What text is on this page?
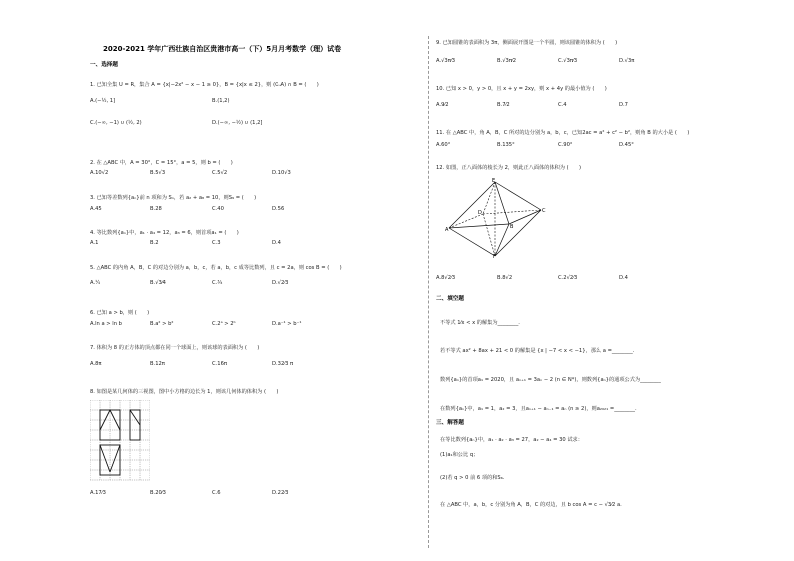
2020-2021 学年广西壮族自治区贵港市高一（下）5月月考数学（理）试卷
一、选择题
1. 已知全集 U = R，集合 A = {x|−2x² − x − 1 ≥ 0}，B = {x|x ≤ 2}，则 (∁ᵤA) ∩ B = (　　)
A.(−½, 1]	B.(1,2)
C.(−∞, −1) ∪ (½, 2)	D.(−∞, −½) ∪ (1,2]
2. 在 △ABC 中，A = 30°，C = 15°，a = 5，则 b = (　　)
A.10√2	B.5√3	C.5√2	D.10√3
3. 已知等差数列{aₙ}前 n 项和为 Sₙ，若 a₂ + a₈ = 10，则S₉ = (　　)
A.45	B.28	C.40	D.56
4. 等比数列{aₙ}中，a₁ · a₄ = 12，a₃ = 6，则首项a₁ = (　　)
A.1	B.2	C.3	D.4
5. △ABC 的内角 A，B，C 的对边分别为 a，b，c，若 a，b，c 成等比数列，且 c = 2a，则 cos B = (　　)
A.¼	B.√3⁄4	C.¾	D.√2⁄3
6. 已知 a > b，则 (　　)
A.ln a > ln b	B.a² > b²	C.2ᵃ > 2ᵇ	D.a⁻¹ > b⁻¹
7. 体积为 8 的正方体的顶点都在同一个球面上，则该球的表面积为 (　　)
A.8π	B.12π	C.16π	D.32⁄3 π
8. 如图是某几何体的三视图，图中小方格的边长为 1，则该几何体的体积为 (　　)
A.17⁄3	B.20⁄3	C.6	D.22⁄3
9. 已知圆锥的表面积为 3π，侧面展开图是一个半圆，则该圆锥的体积为 (　　)
A.√3π⁄3	B.√3π⁄2	C.√3π⁄3	D.√3π
10. 已知 x > 0，y > 0，且 x + y = 2xy，则 x + 4y 的最小值为 (　　)
A.9⁄2	B.7⁄2	C.4	D.7
11. 在 △ABC 中，角 A，B，C 所对的边分别为 a，b，c，已知2ac = a² + c² − b²，则角 B 的大小是 (　　)
A.60°	B.135°	C.90°	D.45°
12. 如图，正八面体的棱长为 2，则此正八面体的体积为 (　　)
E
A	B
C
D
F
A.8√2⁄3	B.8√2	C.2√2⁄3	D.4
二、填空题
不等式 1⁄x < x 的解集为________.
若不等式 ax² + 8ax + 21 < 0 的解集是 {x | −7 < x < −1}，那么 a =________.
数列{aₙ}的首项a₁ = 2020，且 aₙ₊₁ = 3aₙ − 2 (n ∈ N*)，则数列{aₙ}的通项公式为________
在数列{aₙ}中，a₁ = 1，a₂ = 3，且aₙ₊₁ − aₙ₋₁ = aₙ (n ≥ 2)，则a₂₀₂₁ =________.
三、解答题
在等比数列{aₙ}中，a₁ · a₂ · a₃ = 27，a₂ − a₄ = 30 试求：
(1)a₁和公比 q；
(2)若 q > 0 前 6 项的和S₆.
在 △ABC 中，a，b，c 分别为角 A，B，C 的对边，且 b cos A = c − √3⁄2 a.
